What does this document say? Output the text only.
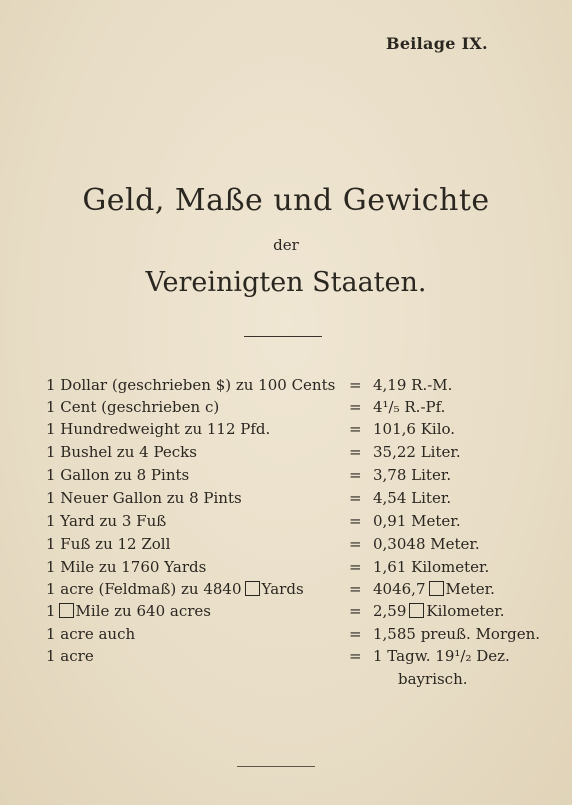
Beilage IX.
Geld, Maße und Gewichte
der
Vereinigten Staaten.
1 Dollar (geschrieben $) zu 100 Cents = 4,19 R.-M.
1 Cent (geschrieben c)	= 4¹/₅ R.-Pf.
1 Hundredweight zu 112 Pfd.	= 101,6 Kilo.
1 Bushel zu 4 Pecks	= 35,22 Liter.
1 Gallon zu 8 Pints	= 3,78 Liter.
1 Neuer Gallon zu 8 Pints	= 4,54 Liter.
1 Yard zu 3 Fuß	= 0,91 Meter.
1 Fuß zu 12 Zoll	= 0,3048 Meter.
1 Mile zu 1760 Yards	= 1,61 Kilometer.
1 acre (Feldmaß) zu 4840 Yards	= 4046,7 Meter.
1 Mile zu 640 acres	= 2,59 Kilometer.
1 acre auch	= 1,585 preuß. Morgen.
1 acre	= 1 Tagw. 19¹/₂ Dez.
bayrisch.
